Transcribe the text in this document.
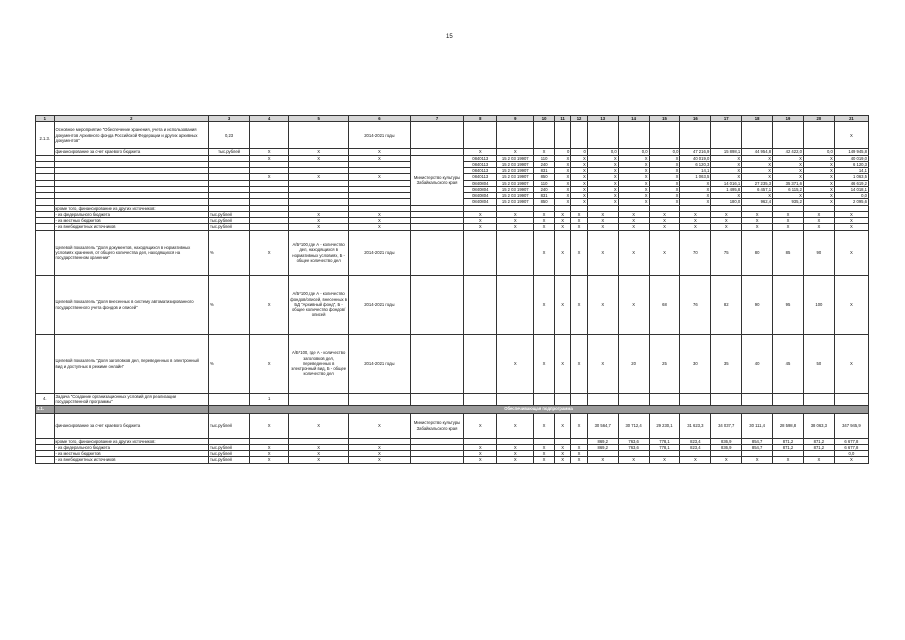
15
1	2	3	4	5	6	7	8	9	10	11	12	13	14	15	16	17	18	19	20	21
2.1.3.	Основное мероприятие "Обеспечение хранения, учета и использования документов Архивного фонда Российской Федерации и других архивных документов"	0,23			2014-2021 годы															X
	финансирование за счет краевого бюджета	тыс.рублей	X	X	X		X	X	X	0	0	0,0	0,0	0,0	47 216,9	15 898,1	44 954,8	42 422,0	0,0	149 945,8
			X	X	X	Министерство культуры Забайкальского края	0840113	15 2 03 19907	110	X	X	X	X	X	40 019,0	X	X	X	X	40 019,0
							0840113	15 2 03 19907	240	X	X	X	X	X	6 120,3	X	X	X	X	6 120,3
							0840113	15 2 03 19907	831	X	X	X	X	X	14,1	X	X	X	X	14,1
			X	X	X		0840113	15 2 03 19907	850	X	X	X	X	X	1 063,5	X	X	X	X	1 063,5
							0840804	15 2 03 19907	110	X	X	X	X	X	X	14 016,1	27 235,3	35 371,6	X	46 619,2
							0840804	15 2 03 19907	240	X	X	X	X	X	X	1 495,8	6 457,1	6 115,2	X	14 018,1
							0840804	15 2 03 19907	831	X	X	X	X	X	X	X	X	X	X	0,0
							0840804	15 2 03 19907	850	X	X	X	X	X	X	180,0	962,4	935,2	X	2 095,6
	кроме того, финансирование из других источников:																			
	- из федерального бюджета	тыс.рублей		X	X		X	X	X	X	X	X	X	X	X	X	X	X	X	X
	- из местных бюджетов	тыс.рублей		X	X		X	X	X	X	X	X	X	X	X	X	X	X	X	X
	- из внебюджетных источников	тыс.рублей		X	X		X	X	X	X	X	X	X	X	X	X	X	X	X	X
	Целевой показатель "Доля документов, находящихся в нормативных условиях хранения, от общего количества дел, находящихся на государственном хранении"	%	X	А/Б*100,где А - количество дел, находящихся в нормативных условиях, Б - общее количество дел	2014-2021 годы				X	X	X	X	X	X	70	75	80	85	90	X
	Целевой показатель "Доля внесенных в систему автоматизированного государственного учета фондов и описей"	%	X	А/Б*100,где А - количество фондов/описей, внесенных в БД "Архивный фонд", Б - общее количество фондов/описей	2014-2021 годы				X	X	X	X	X	68	76	82	90	95	100	X
	Целевой показатель "Доля заголовков дел, переведенных в электронный вид и доступных в режиме онлайн"	%	X	А/Б*100, где А - количество заголовков дел, переведенных в электронный вид, Б - общее количество дел	2014-2021 годы			X	X	X	X	X	20	25	30	35	40	45	50	X
4.	Задача "Создание организационных условий для реализации государственной программы"		1																	
4.1.		Обеспечивающая подпрограмма																		
	финансирование за счет краевого бюджета	тыс.рублей	X	X	X	Министерство культуры Забайкальского края	X	X	X	X	X	30 564,7	30 712,4	29 230,1	31 623,3	34 037,7	30 111,4	28 598,8	38 063,3	347 945,9
	кроме того, финансирование из других источников:											869,2	763,6	778,1	823,4	836,9	854,7	871,2	871,2	6 677,8
	- из федерального бюджета	тыс.рублей	X	X	X		X	X	X	X	X	869,2	763,6	778,1	823,4	836,9	854,7	871,2	871,2	6 677,8
	- из местных бюджетов	тыс.рублей	X	X	X		X	X	X	X	X									0,0
	- из внебюджетных источников	тыс.рублей	X	X	X		X	X	X	X	X	X	X	X	X	X	X	X	X	X
